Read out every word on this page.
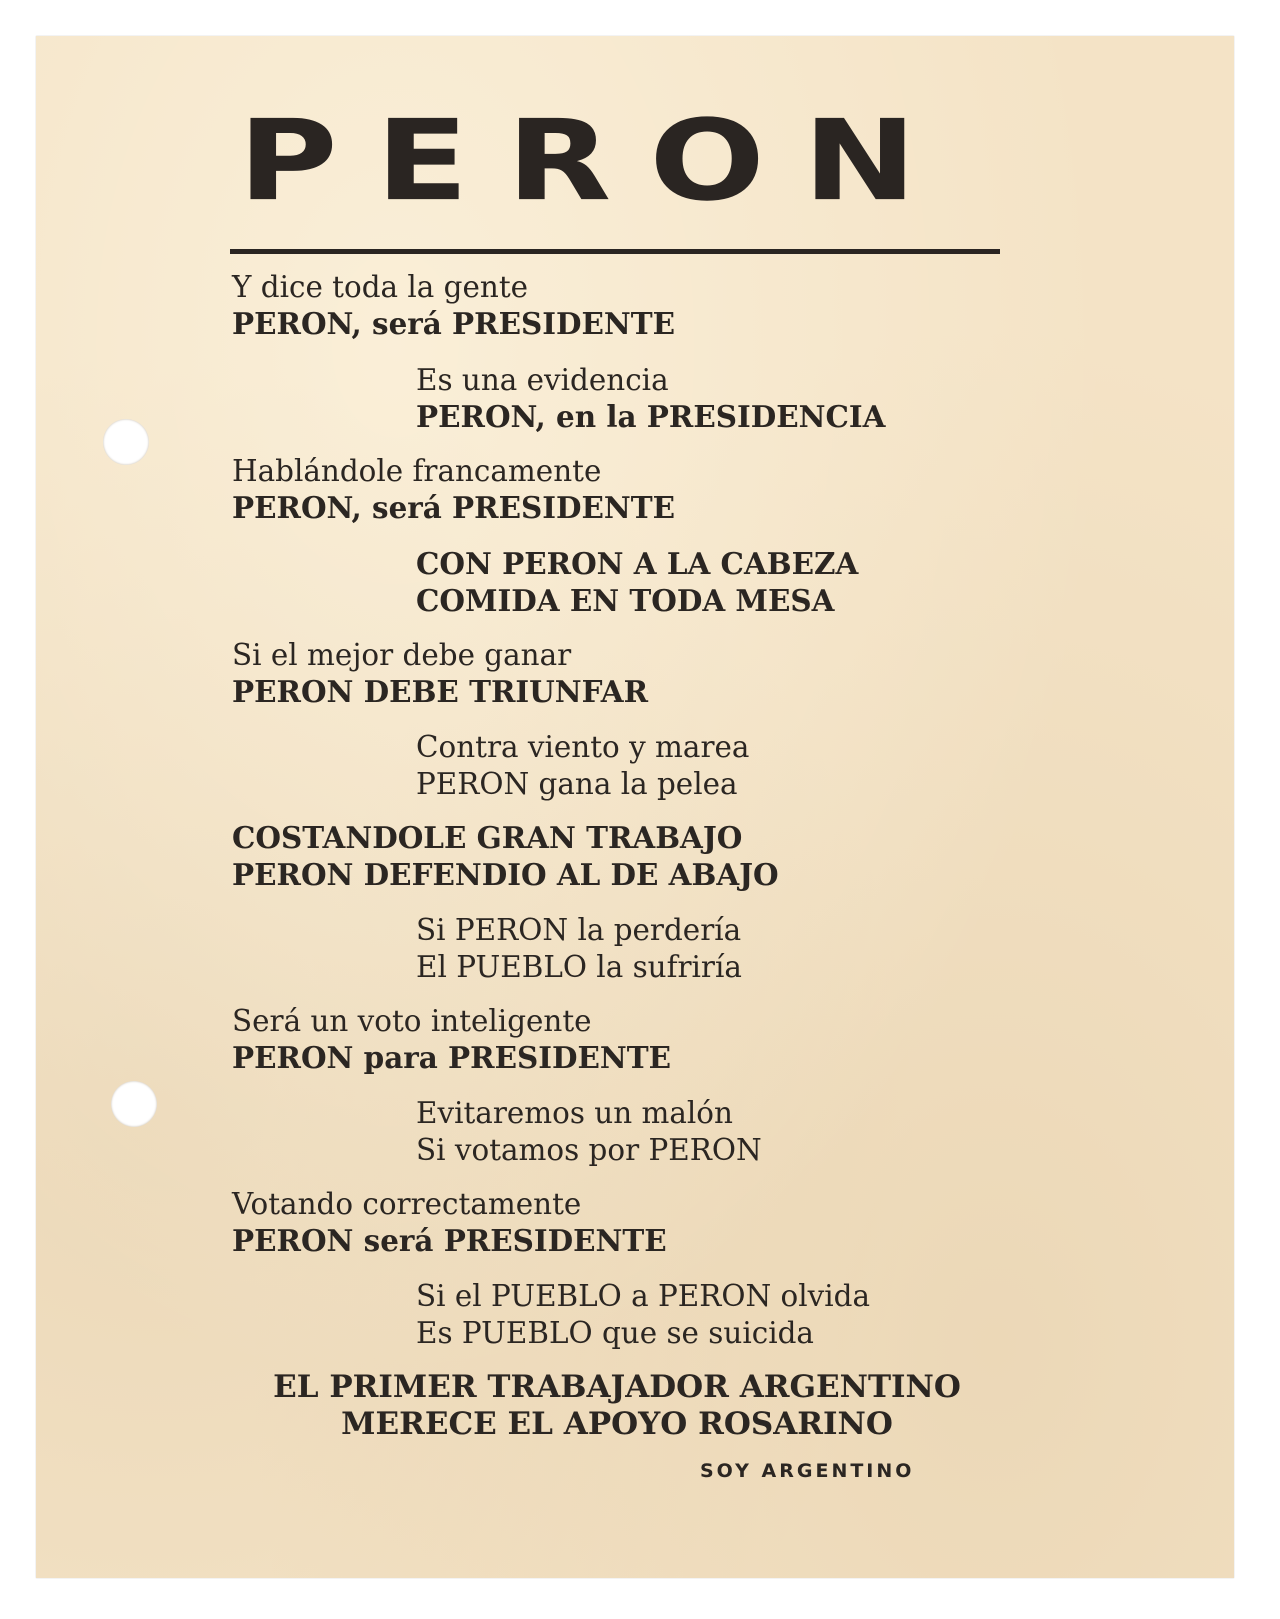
PERON
Y dice toda la gente
PERON, será PRESIDENTE
Es una evidencia
PERON, en la PRESIDENCIA
Hablándole francamente
PERON, será PRESIDENTE
CON PERON A LA CABEZA
COMIDA EN TODA MESA
Si el mejor debe ganar
PERON DEBE TRIUNFAR
Contra viento y marea
PERON gana la pelea
COSTANDOLE GRAN TRABAJO
PERON DEFENDIO AL DE ABAJO
Si PERON la perdería
El PUEBLO la sufriría
Será un voto inteligente
PERON para PRESIDENTE
Evitaremos un malón
Si votamos por PERON
Votando correctamente
PERON será PRESIDENTE
Si el PUEBLO a PERON olvida
Es PUEBLO que se suicida
EL PRIMER TRABAJADOR ARGENTINO
MERECE EL APOYO ROSARINO
SOY ARGENTINO
